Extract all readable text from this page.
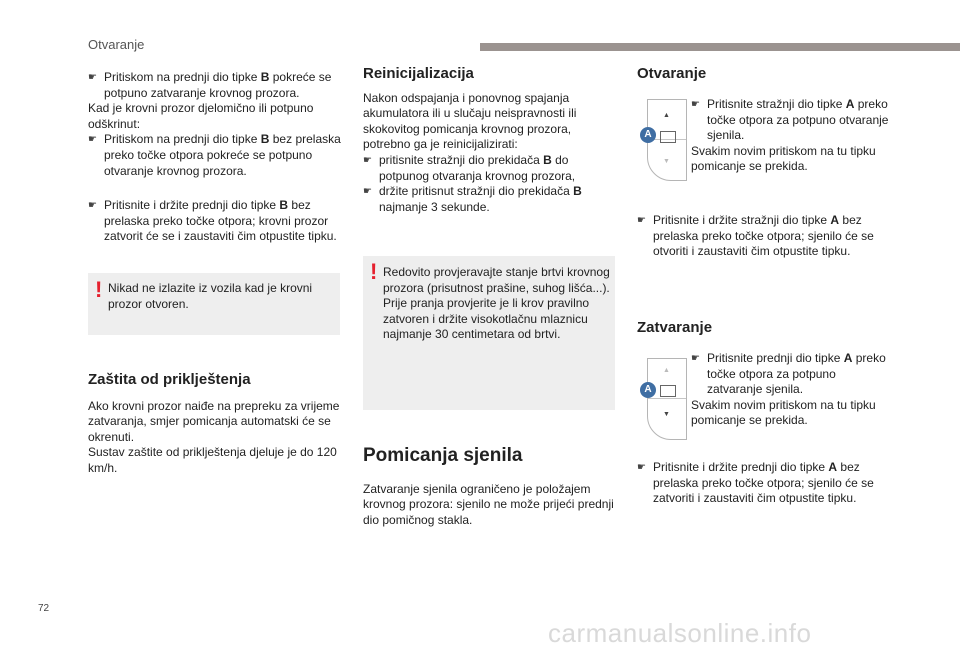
Otvaranje

☛ Pritiskom na prednji dio tipke B pokreće se potpuno zatvaranje krovnog prozora.

Kad je krovni prozor djelomično ili potpuno odškrinut:

☛ Pritiskom na prednji dio tipke B bez prelaska preko točke otpora pokreće se potpuno otvaranje krovnog prozora.

☛ Pritisnite i držite prednji dio tipke B bez prelaska preko točke otpora; krovni prozor zatvorit će se i zaustaviti čim otpustite tipku.

! Nikad ne izlazite iz vozila kad je krovni prozor otvoren.
Zaštita od priklještenja

Ako krovni prozor naiđe na prepreku za vrijeme zatvaranja, smjer pomicanja automatski će se okrenuti.

Sustav zaštite od priklještenja djeluje je do 120 km/h.

Reinicijalizacija

Nakon odspajanja i ponovnog spajanja akumulatora ili u slučaju neispravnosti ili skokovitog pomicanja krovnog prozora, potrebno ga je reinicijalizirati:

☛ pritisnite stražnji dio prekidača B do potpunog otvaranja krovnog prozora,

☛ držite pritisnut stražnji dio prekidača B najmanje 3 sekunde.

! Redovito provjeravajte stanje brtvi krovnog prozora (prisutnost prašine, suhog lišća...). Prije pranja provjerite je li krov pravilno zatvoren i držite visokotlačnu mlaznicu najmanje 30 centimetara od brtvi.
Pomicanja sjenila

Zatvaranje sjenila ograničeno je položajem krovnog prozora: sjenilo ne može prijeći prednji dio pomičnog stakla.

Otvaranje
▲
▼
A

☛ Pritisnite stražnji dio tipke A preko točke otpora za potpuno otvaranje sjenila.

Svakim novim pritiskom na tu tipku pomicanje se prekida.

☛ Pritisnite i držite stražnji dio tipke A bez prelaska preko točke otpora; sjenilo će se otvoriti i zaustaviti čim otpustite tipku.

Zatvaranje
▲
▼
A

☛ Pritisnite prednji dio tipke A preko točke otpora za potpuno zatvaranje sjenila.

Svakim novim pritiskom na tu tipku pomicanje se prekida.

☛ Pritisnite i držite prednji dio tipke A bez prelaska preko točke otpora; sjenilo će se zatvoriti i zaustaviti čim otpustite tipku.

72
carmanualsonline.info
